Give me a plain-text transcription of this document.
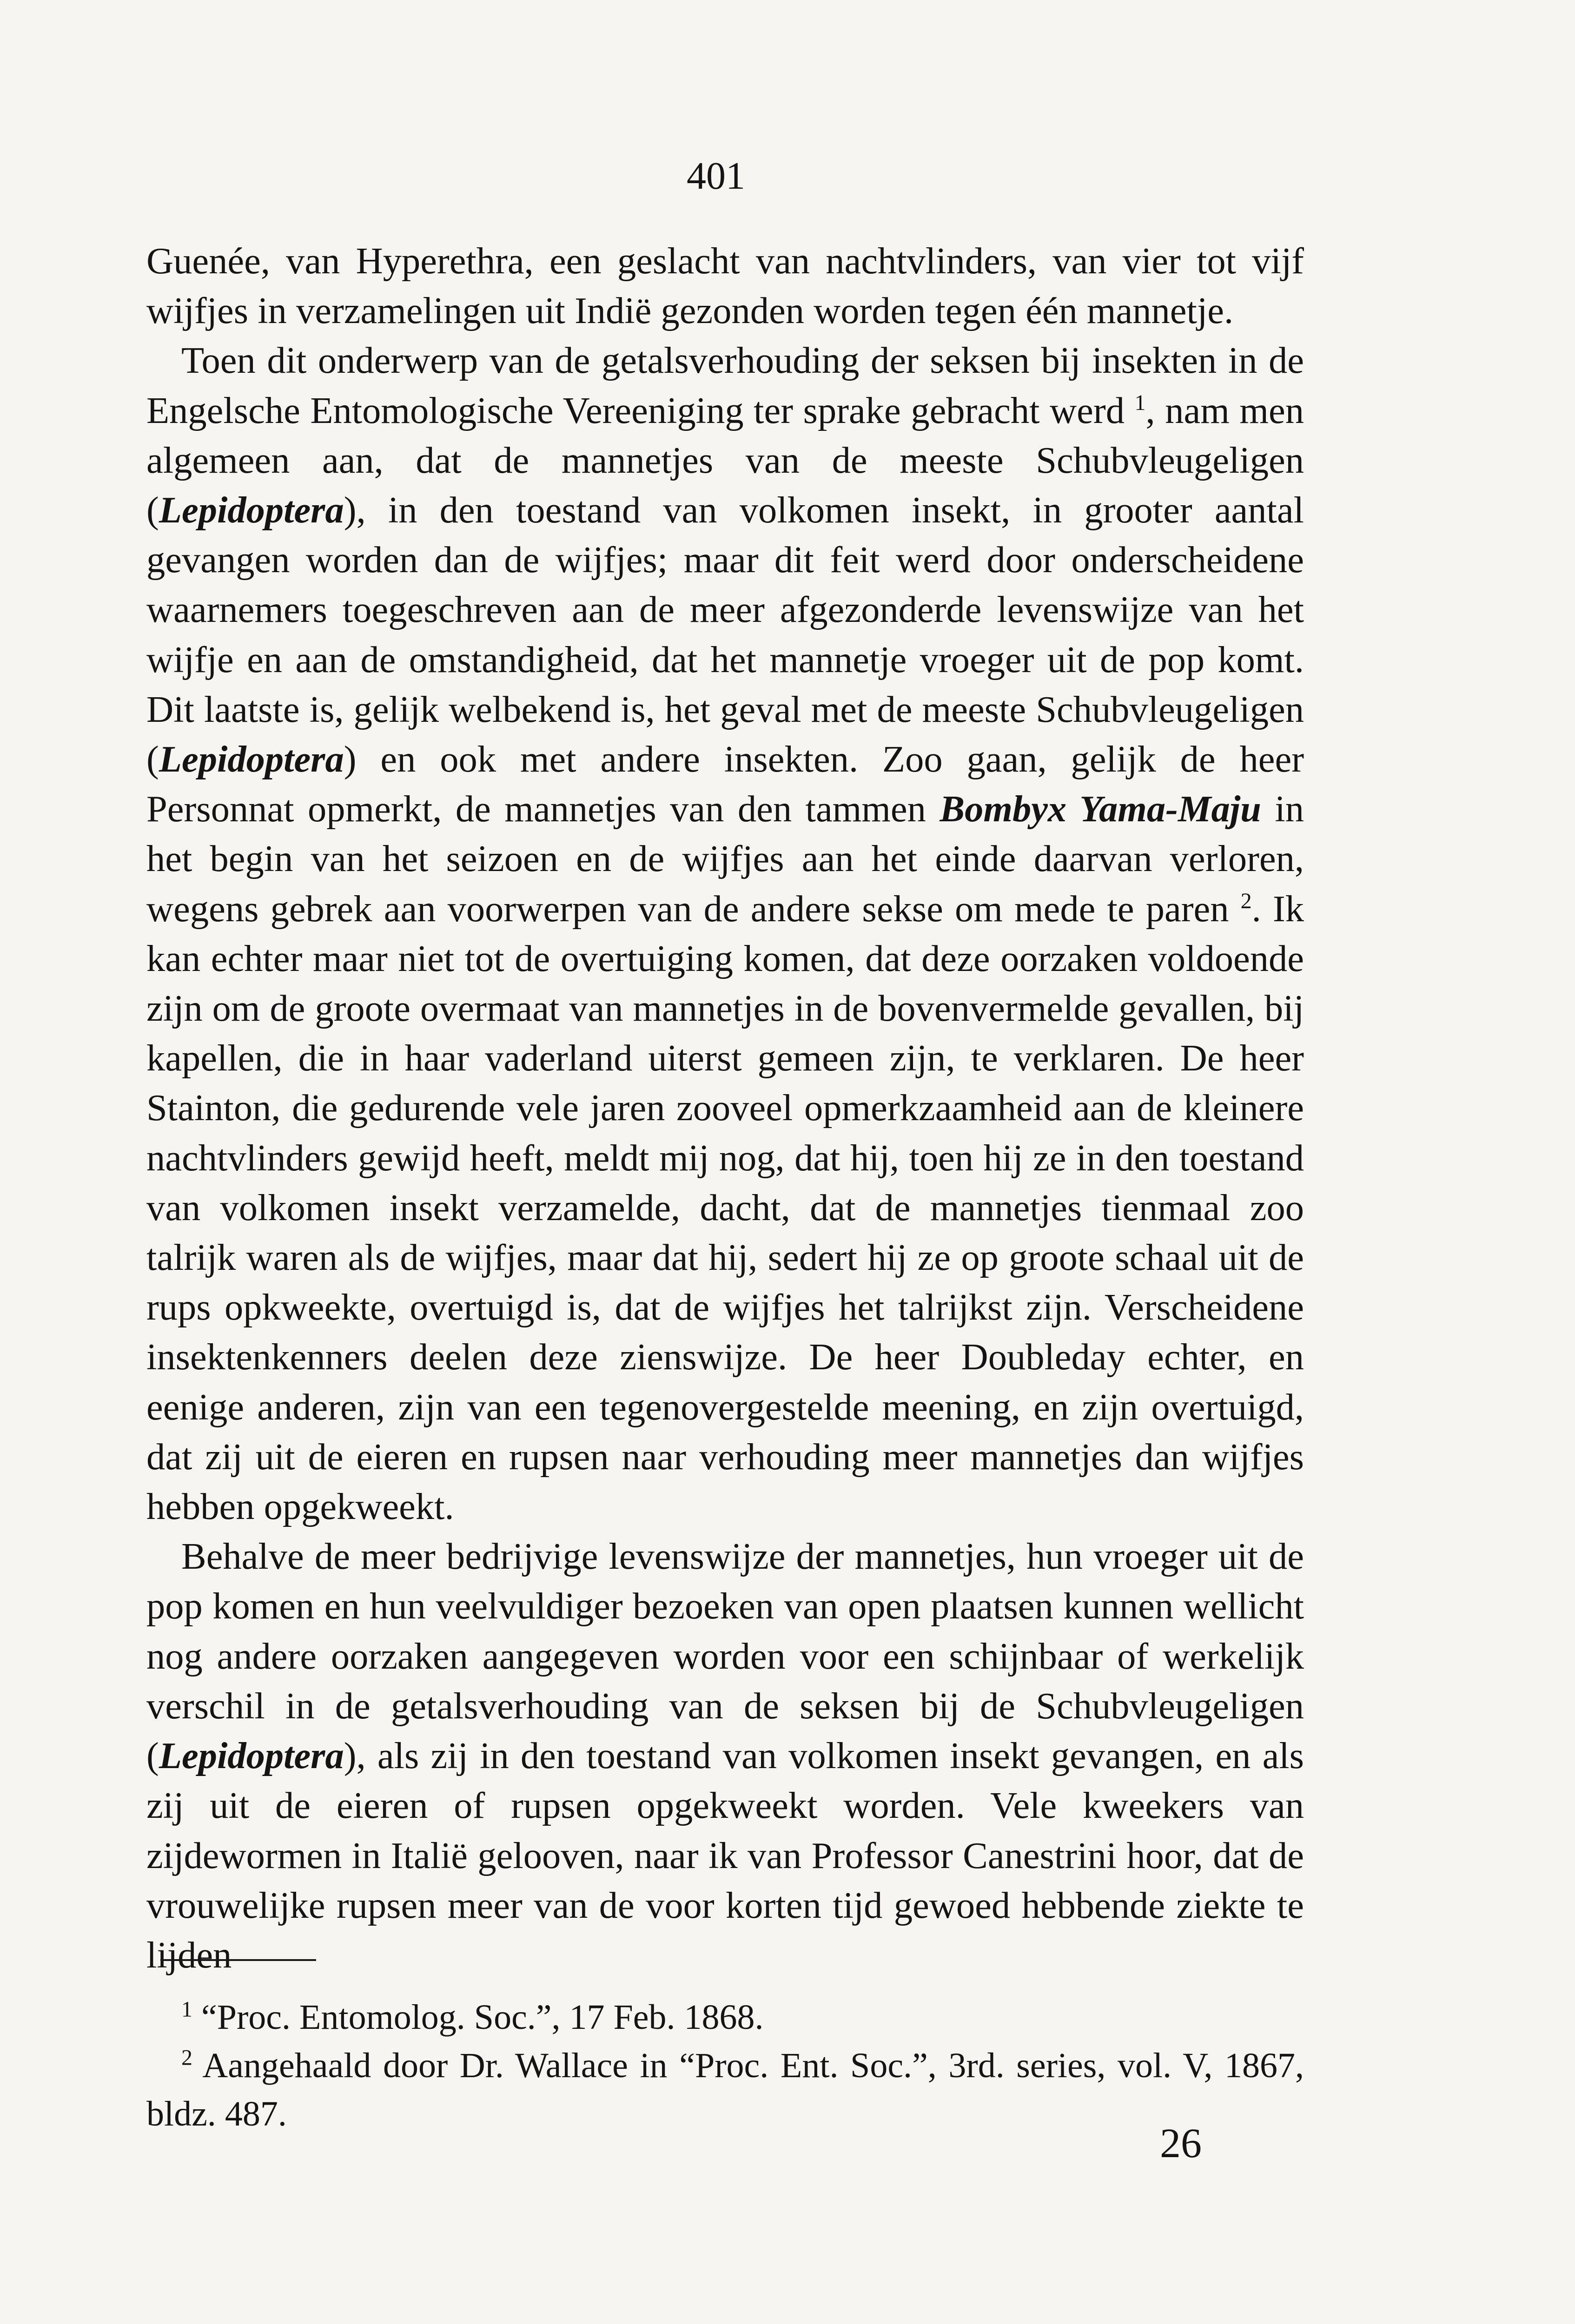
401

Guenée, van Hyperethra, een geslacht van nachtvlinders, van vier tot vijf wijfjes in verzamelingen uit Indië gezonden worden tegen één mannetje.

Toen dit onderwerp van de getalsverhouding der seksen bij insekten in de Engelsche Entomologische Vereeniging ter sprake gebracht werd $^1$, nam men algemeen aan, dat de mannetjes van de meeste Schubvleugeligen (Lepidoptera), in den toestand van volkomen insekt, in grooter aantal gevangen worden dan de wijfjes; maar dit feit werd door onderscheidene waarnemers toegeschreven aan de meer afgezonderde levenswijze van het wijfje en aan de omstandigheid, dat het mannetje vroeger uit de pop komt. Dit laatste is, gelijk welbekend is, het geval met de meeste Schubvleugeligen (Lepidoptera) en ook met andere insekten. Zoo gaan, gelijk de heer Personnat opmerkt, de mannetjes van den tammen Bombyx Yama-Maju in het begin van het seizoen en de wijfjes aan het einde daarvan verloren, wegens gebrek aan voorwerpen van de andere sekse om mede te paren $^2$. Ik kan echter maar niet tot de overtuiging komen, dat deze oorzaken voldoende zijn om de groote overmaat van mannetjes in de bovenvermelde gevallen, bij kapellen, die in haar vaderland uiterst gemeen zijn, te verklaren. De heer Stainton, die gedurende vele jaren zooveel opmerkzaamheid aan de kleinere nachtvlinders gewijd heeft, meldt mij nog, dat hij, toen hij ze in den toestand van volkomen insekt verzamelde, dacht, dat de mannetjes tienmaal zoo talrijk waren als de wijfjes, maar dat hij, sedert hij ze op groote schaal uit de rups opkweekte, overtuigd is, dat de wijfjes het talrijkst zijn. Verscheidene insektenkenners deelen deze zienswijze. De heer Doubleday echter, en eenige anderen, zijn van een tegenovergestelde meening, en zijn overtuigd, dat zij uit de eieren en rupsen naar verhouding meer mannetjes dan wijfjes hebben opgekweekt.

Behalve de meer bedrijvige levenswijze der mannetjes, hun vroeger uit de pop komen en hun veelvuldiger bezoeken van open plaatsen kunnen wellicht nog andere oorzaken aangegeven worden voor een schijnbaar of werkelijk verschil in de getalsverhouding van de seksen bij de Schubvleugeligen (Lepidoptera), als zij in den toestand van volkomen insekt gevangen, en als zij uit de eieren of rupsen opgekweekt worden. Vele kweekers van zijdewormen in Italië gelooven, naar ik van Professor Canestrini hoor, dat de vrouwelijke rupsen meer van de voor korten tijd gewoed hebbende ziekte te lijden

$^1$ “Proc. Entomolog. Soc.”, 17 Feb. 1868.

$^2$ Aangehaald door Dr. Wallace in “Proc. Ent. Soc.”, 3rd. series, vol. V, 1867, bldz. 487.

26
